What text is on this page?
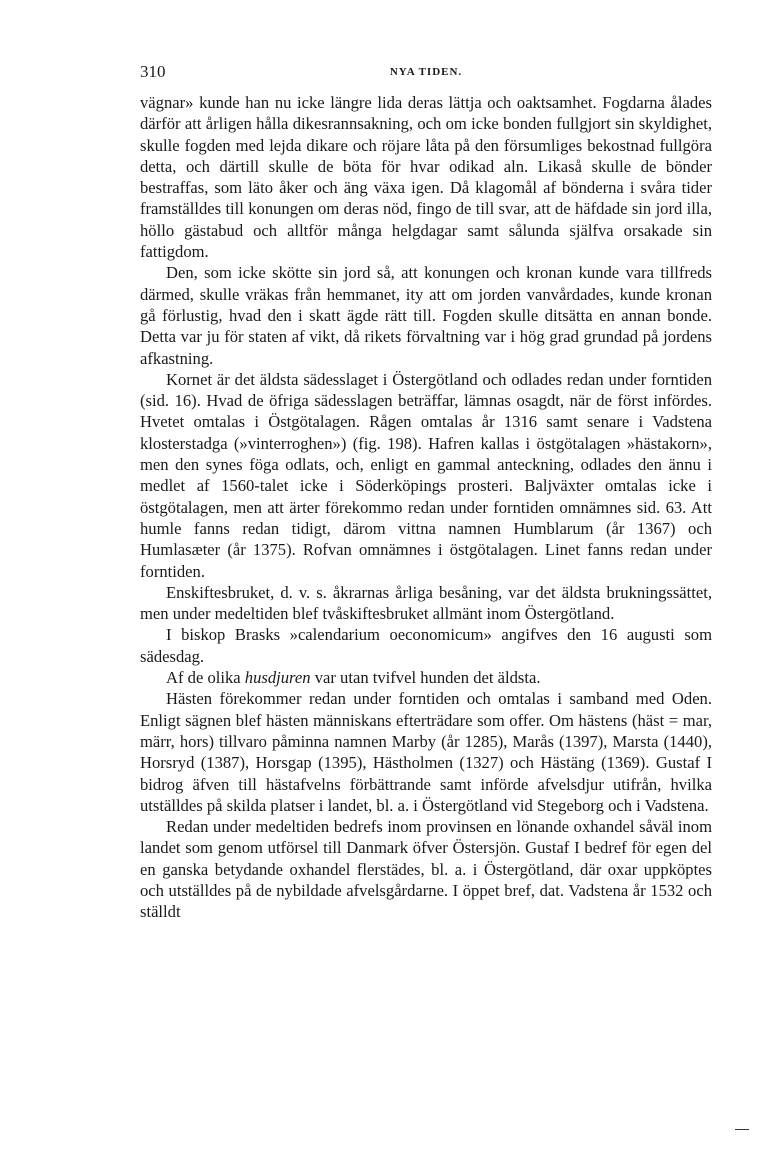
310	NYA TIDEN.

vägnar» kunde han nu icke längre lida deras lättja och oaktsamhet. Fogdarna ålades därför att årligen hålla dikesrannsakning, och om icke bonden fullgjort sin skyldighet, skulle fogden med lejda dikare och röjare låta på den försumliges bekostnad fullgöra detta, och därtill skulle de böta för hvar odikad aln. Likaså skulle de bönder bestraffas, som läto åker och äng växa igen. Då klagomål af bönderna i svåra tider framställdes till konungen om deras nöd, fingo de till svar, att de häfdade sin jord illa, höllo gästabud och alltför många helgdagar samt sålunda själfva orsakade sin fattigdom.

Den, som icke skötte sin jord så, att konungen och kronan kunde vara tillfreds därmed, skulle vräkas från hemmanet, ity att om jorden vanvårdades, kunde kronan gå förlustig, hvad den i skatt ägde rätt till. Fogden skulle ditsätta en annan bonde. Detta var ju för staten af vikt, då rikets förvaltning var i hög grad grundad på jordens afkastning.

Kornet är det äldsta sädesslaget i Östergötland och odlades redan under forntiden (sid. 16). Hvad de öfriga sädesslagen beträffar, lämnas osagdt, när de först infördes. Hvetet omtalas i Östgötalagen. Rågen omtalas år 1316 samt senare i Vadstena klosterstadga (»vinterroghen») (fig. 198). Hafren kallas i östgötalagen »hästakorn», men den synes föga odlats, och, enligt en gammal anteckning, odlades den ännu i medlet af 1560-talet icke i Söderköpings prosteri. Baljväxter omtalas icke i östgötalagen, men att ärter förekommo redan under forntiden omnämnes sid. 63. Att humle fanns redan tidigt, därom vittna namnen Humblarum (år 1367) och Humlasæter (år 1375). Rofvan omnämnes i östgötalagen. Linet fanns redan under forntiden.

Enskiftesbruket, d. v. s. åkrarnas årliga besåning, var det äldsta brukningssättet, men under medeltiden blef tvåskiftesbruket allmänt inom Östergötland.

I biskop Brasks »calendarium oeconomicum» angifves den 16 augusti som sädesdag.

Af de olika husdjuren var utan tvifvel hunden det äldsta.

Hästen förekommer redan under forntiden och omtalas i samband med Oden. Enligt sägnen blef hästen människans efterträdare som offer. Om hästens (häst = mar, märr, hors) tillvaro påminna namnen Marby (år 1285), Marås (1397), Marsta (1440), Horsryd (1387), Horsgap (1395), Hästholmen (1327) och Hästäng (1369). Gustaf I bidrog äfven till hästafvelns förbättrande samt införde afvelsdjur utifrån, hvilka utställdes på skilda platser i landet, bl. a. i Östergötland vid Stegeborg och i Vadstena.

Redan under medeltiden bedrefs inom provinsen en lönande oxhandel såväl inom landet som genom utförsel till Danmark öfver Östersjön. Gustaf I bedref för egen del en ganska betydande oxhandel flerstädes, bl. a. i Östergötland, där oxar uppköptes och utställdes på de nybildade afvelsgårdarne. I öppet bref, dat. Vadstena år 1532 och ställdt
